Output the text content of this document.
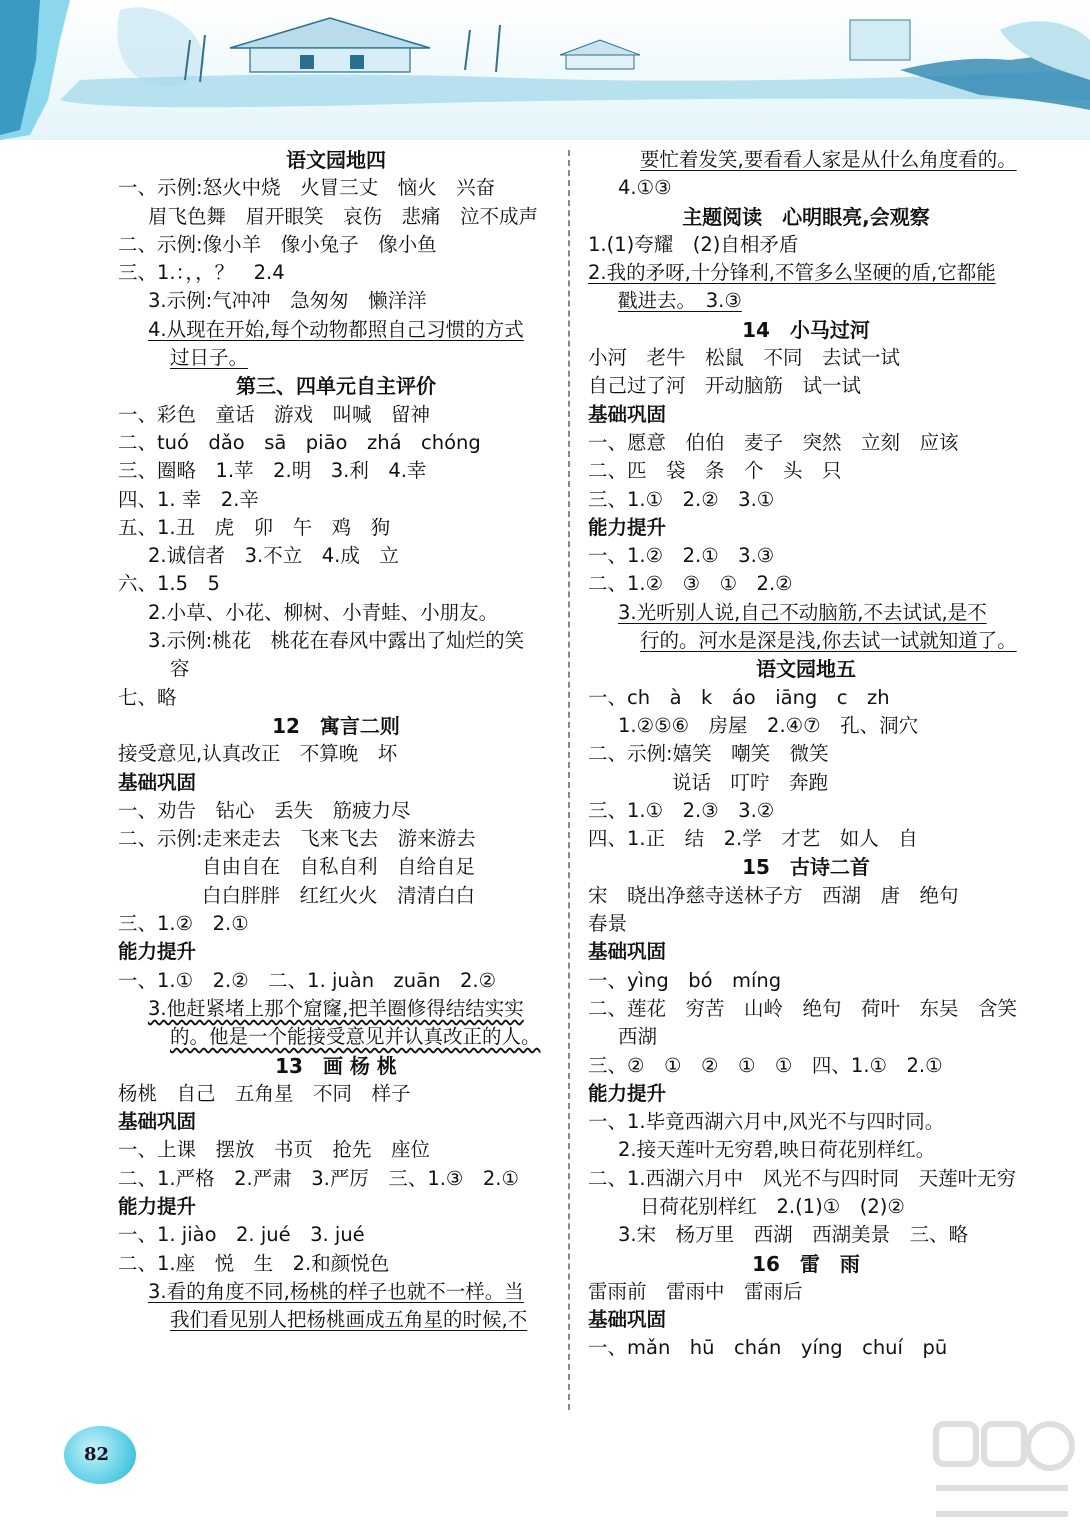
语文园地四
一、示例:怒火中烧　火冒三丈　恼火　兴奋
眉飞色舞　眉开眼笑　哀伤　悲痛　泣不成声
二、示例:像小羊　像小兔子　像小鱼
三、1.：，，？　2.4
3.示例:气冲冲　急匆匆　懒洋洋
4.从现在开始,每个动物都照自己习惯的方式
过日子。
第三、四单元自主评价
一、彩色　童话　游戏　叫喊　留神
二、tuó　dǎo　sā　piāo　zhá　chóng
三、圈略　1.苹　2.明　3.利　4.幸
四、1. 幸　2.辛
五、1.丑　虎　卯　午　鸡　狗
2.诚信者　3.不立　4.成　立
六、1.5　5
2.小草、小花、柳树、小青蛙、小朋友。
3.示例:桃花　桃花在春风中露出了灿烂的笑
容
七、略
12　寓言二则
接受意见,认真改正　不算晚　坏
基础巩固
一、劝告　钻心　丢失　筋疲力尽
二、示例:走来走去　飞来飞去　游来游去
自由自在　自私自利　自给自足
白白胖胖　红红火火　清清白白
三、1.②　2.①
能力提升
一、1.①　2.②　二、1. juàn　zuān　2.②
3.他赶紧堵上那个窟窿,把羊圈修得结结实实
的。他是一个能接受意见并认真改正的人。
13　画 杨 桃
杨桃　自己　五角星　不同　样子
基础巩固
一、上课　摆放　书页　抢先　座位
二、1.严格　2.严肃　3.严厉　三、1.③　2.①
能力提升
一、1. jiào　2. jué　3. jué
二、1.座　悦　生　2.和颜悦色
3.看的角度不同,杨桃的样子也就不一样。当
我们看见别人把杨桃画成五角星的时候,不
要忙着发笑,要看看人家是从什么角度看的。
4.①③
主题阅读　心明眼亮,会观察
1.(1)夸耀　(2)自相矛盾
2.我的矛呀,十分锋利,不管多么坚硬的盾,它都能
戳进去。　3.③
14　小马过河
小河　老牛　松鼠　不同　去试一试
自己过了河　开动脑筋　试一试
基础巩固
一、愿意　伯伯　麦子　突然　立刻　应该
二、匹　袋　条　个　头　只
三、1.①　2.②　3.①
能力提升
一、1.②　2.①　3.③
二、1.②　③　①　2.②
3.光听别人说,自己不动脑筋,不去试试,是不
行的。河水是深是浅,你去试一试就知道了。
语文园地五
一、ch　à　k　áo　iāng　c　zh
1.②⑤⑥　房屋　2.④⑦　孔、洞穴
二、示例:嬉笑　嘲笑　微笑
说话　叮咛　奔跑
三、1.①　2.③　3.②
四、1.正　结　2.学　才艺　如人　自
15　古诗二首
宋　晓出净慈寺送林子方　西湖　唐　绝句
春景
基础巩固
一、yìng　bó　míng
二、莲花　穷苦　山岭　绝句　荷叶　东吴　含笑
西湖
三、②　①　②　①　①　四、1.①　2.①
能力提升
一、1.毕竟西湖六月中,风光不与四时同。
2.接天莲叶无穷碧,映日荷花别样红。
二、1.西湖六月中　风光不与四时同　天莲叶无穷
日荷花别样红　2.(1)①　(2)②
3.宋　杨万里　西湖　西湖美景　三、略
16　雷　雨
雷雨前　雷雨中　雷雨后
基础巩固
一、mǎn　hū　chán　yíng　chuí　pū
82
